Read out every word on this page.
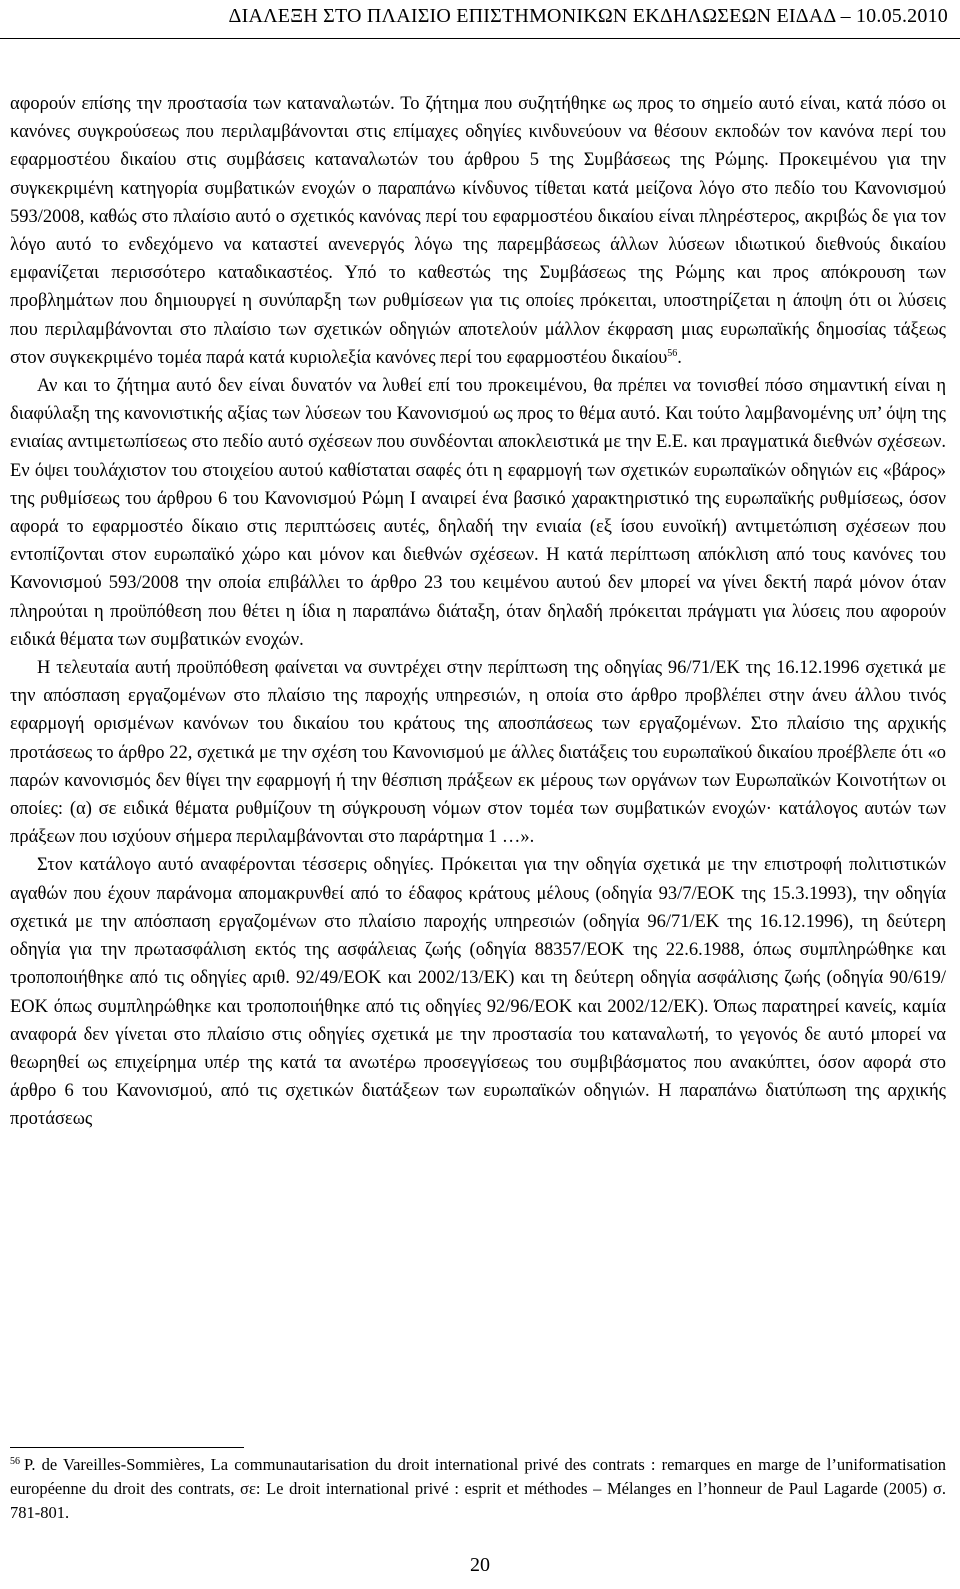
ΔΙΑΛΕΞΗ ΣΤΟ ΠΛΑΙΣΙΟ ΕΠΙΣΤΗΜΟΝΙΚΩΝ ΕΚΔΗΛΩΣΕΩΝ ΕΙΔΑΔ – 10.05.2010

αφορούν επίσης την προστασία των καταναλωτών. Το ζήτημα που συζητήθηκε ως προς το σημείο αυτό είναι, κατά πόσο οι κανόνες συγκρούσεως που περιλαμβάνονται στις επίμαχες οδηγίες κινδυνεύουν να θέσουν εκποδών τον κανόνα περί του εφαρμοστέου δικαίου στις συμβάσεις καταναλωτών του άρθρου 5 της Συμβάσεως της Ρώμης. Προκειμένου για την συγκεκριμένη κατηγορία συμβατικών ενοχών ο παραπάνω κίνδυνος τίθεται κατά μείζονα λόγο στο πεδίο του Κανονισμού 593/2008, καθώς στο πλαίσιο αυτό ο σχετικός κανόνας περί του εφαρμοστέου δικαίου είναι πληρέστερος, ακριβώς δε για τον λόγο αυτό το ενδεχόμενο να καταστεί ανενεργός λόγω της παρεμβάσεως άλλων λύσεων ιδιωτικού διεθνούς δικαίου εμφανίζεται περισσότερο καταδικαστέος. Υπό το καθεστώς της Συμβάσεως της Ρώμης και προς απόκρουση των προβλημάτων που δημιουργεί η συνύπαρξη των ρυθμίσεων για τις οποίες πρόκειται, υποστηρίζεται η άποψη ότι οι λύσεις που περιλαμβάνονται στο πλαίσιο των σχετικών οδηγιών αποτελούν μάλλον έκφραση μιας ευρωπαϊκής δημοσίας τάξεως στον συγκεκριμένο τομέα παρά κατά κυριολεξία κανόνες περί του εφαρμοστέου δικαίου$^{56}$.

Αν και το ζήτημα αυτό δεν είναι δυνατόν να λυθεί επί του προκειμένου, θα πρέπει να τονισθεί πόσο σημαντική είναι η διαφύλαξη της κανονιστικής αξίας των λύσεων του Κανονισμού ως προς το θέμα αυτό. Και τούτο λαμβανομένης υπ’ όψη της ενιαίας αντιμετωπίσεως στο πεδίο αυτό σχέσεων που συνδέονται αποκλειστικά με την Ε.Ε. και πραγματικά διεθνών σχέσεων. Εν όψει τουλάχιστον του στοιχείου αυτού καθίσταται σαφές ότι η εφαρμογή των σχετικών ευρωπαϊκών οδηγιών εις «βάρος» της ρυθμίσεως του άρθρου 6 του Κανονισμού Ρώμη Ι αναιρεί ένα βασικό χαρακτηριστικό της ευρωπαϊκής ρυθμίσεως, όσον αφορά το εφαρμοστέο δίκαιο στις περιπτώσεις αυτές, δηλαδή την ενιαία (εξ ίσου ευνοϊκή) αντιμετώπιση σχέσεων που εντοπίζονται στον ευρωπαϊκό χώρο και μόνον και διεθνών σχέσεων. Η κατά περίπτωση απόκλιση από τους κανόνες του Κανονισμού 593/2008 την οποία επιβάλλει το άρθρο 23 του κειμένου αυτού δεν μπορεί να γίνει δεκτή παρά μόνον όταν πληρούται η προϋπόθεση που θέτει η ίδια η παραπάνω διάταξη, όταν δηλαδή πρόκειται πράγματι για λύσεις που αφορούν ειδικά θέματα των συμβατικών ενοχών.

Η τελευταία αυτή προϋπόθεση φαίνεται να συντρέχει στην περίπτωση της οδηγίας 96/71/ΕΚ της 16.12.1996 σχετικά με την απόσπαση εργαζομένων στο πλαίσιο της παροχής υπηρεσιών, η οποία στο άρθρο προβλέπει στην άνευ άλλου τινός εφαρμογή ορισμένων κανόνων του δικαίου του κράτους της αποσπάσεως των εργαζομένων. Στο πλαίσιο της αρχικής προτάσεως το άρθρο 22, σχετικά με την σχέση του Κανονισμού με άλλες διατάξεις του ευρωπαϊκού δικαίου προέβλεπε ότι «ο παρών κανονισμός δεν θίγει την εφαρμογή ή την θέσπιση πράξεων εκ μέρους των οργάνων των Ευρωπαϊκών Κοινοτήτων οι οποίες: (α) σε ειδικά θέματα ρυθμίζουν τη σύγκρουση νόμων στον τομέα των συμβατικών ενοχών· κατάλογος αυτών των πράξεων που ισχύουν σήμερα περιλαμβάνονται στο παράρτημα 1 …».

Στον κατάλογο αυτό αναφέρονται τέσσερις οδηγίες. Πρόκειται για την οδηγία σχετικά με την επιστροφή πολιτιστικών αγαθών που έχουν παράνομα απομακρυνθεί από το έδαφος κράτους μέλους (οδηγία 93/7/ΕΟΚ της 15.3.1993), την οδηγία σχετικά με την απόσπαση εργαζομένων στο πλαίσιο παροχής υπηρεσιών (οδηγία 96/71/ΕΚ της 16.12.1996), τη δεύτερη οδηγία για την πρωτασφάλιση εκτός της ασφάλειας ζωής (οδηγία 88357/ΕΟΚ της 22.6.1988, όπως συμπληρώθηκε και τροποποιήθηκε από τις οδηγίες αριθ. 92/49/ΕΟΚ και 2002/13/ΕΚ) και τη δεύτερη οδηγία ασφάλισης ζωής (οδηγία 90/619/ΕΟΚ όπως συμπληρώθηκε και τροποποιήθηκε από τις οδηγίες 92/96/ΕΟΚ και 2002/12/ΕΚ). Όπως παρατηρεί κανείς, καμία αναφορά δεν γίνεται στο πλαίσιο στις οδηγίες σχετικά με την προστασία του καταναλωτή, το γεγονός δε αυτό μπορεί να θεωρηθεί ως επιχείρημα υπέρ της κατά τα ανωτέρω προσεγγίσεως του συμβιβάσματος που ανακύπτει, όσον αφορά στο άρθρο 6 του Κανονισμού, από τις σχετικών διατάξεων των ευρωπαϊκών οδηγιών. Η παραπάνω διατύπωση της αρχικής προτάσεως

$^{56}$ P. de Vareilles-Sommières, La communautarisation du droit international privé des contrats : remarques en marge de l’uniformatisation européenne du droit des contrats, σε: Le droit international privé : esprit et méthodes – Mélanges en l’honneur de Paul Lagarde (2005) σ. 781-801.

20
